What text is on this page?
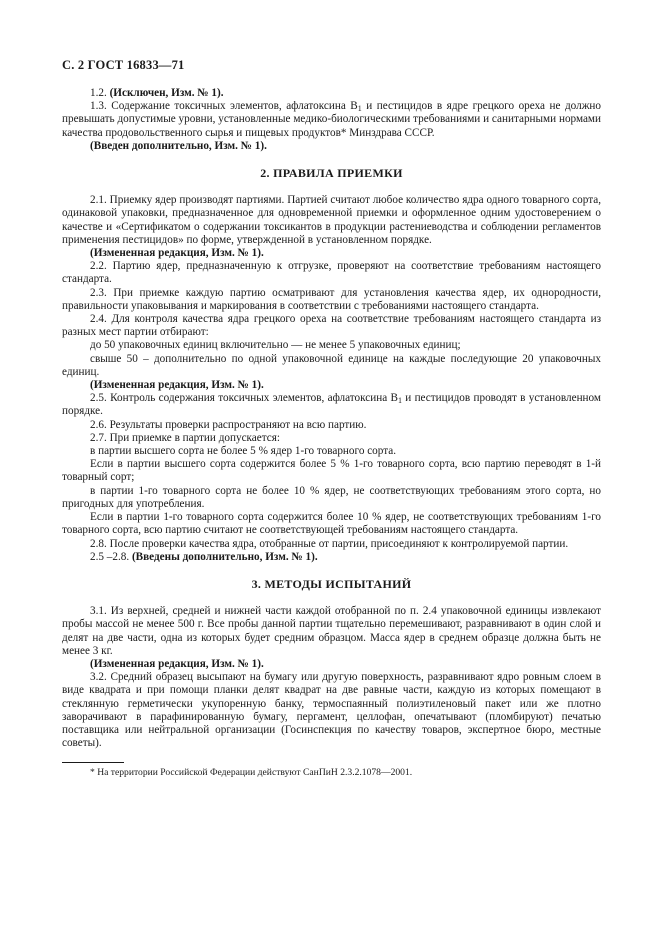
С. 2 ГОСТ 16833—71

1.2. (Исключен, Изм. № 1).

1.3. Содержание токсичных элементов, афлатоксина $B_1$ и пестицидов в ядре грецкого ореха не должно превышать допустимые уровни, установленные медико-биологическими требованиями и санитарными нормами качества продовольственного сырья и пищевых продуктов* Минздрава СССР.

(Введен дополнительно, Изм. № 1).

2. ПРАВИЛА ПРИЕМКИ

2.1. Приемку ядер производят партиями. Партией считают любое количество ядра одного товарного сорта, одинаковой упаковки, предназначенное для одновременной приемки и оформленное одним удостоверением о качестве и «Сертификатом о содержании токсикантов в продукции растениеводства и соблюдении регламентов применения пестицидов» по форме, утвержденной в установленном порядке.

(Измененная редакция, Изм. № 1).

2.2. Партию ядер, предназначенную к отгрузке, проверяют на соответствие требованиям настоящего стандарта.

2.3. При приемке каждую партию осматривают для установления качества ядер, их однородности, правильности упаковывания и маркирования в соответствии с требованиями настоящего стандарта.

2.4. Для контроля качества ядра грецкого ореха на соответствие требованиям настоящего стандарта из разных мест партии отбирают:

до 50 упаковочных единиц включительно — не менее 5 упаковочных единиц;

свыше 50 – дополнительно по одной упаковочной единице на каждые последующие 20 упаковочных единиц.

(Измененная редакция, Изм. № 1).

2.5. Контроль содержания токсичных элементов, афлатоксина $B_1$ и пестицидов проводят в установленном порядке.

2.6. Результаты проверки распространяют на всю партию.

2.7. При приемке в партии допускается:

в партии высшего сорта не более 5 % ядер 1-го товарного сорта.

Если в партии высшего сорта содержится более 5 % 1-го товарного сорта, всю партию переводят в 1-й товарный сорт;

в партии 1-го товарного сорта не более 10 % ядер, не соответствующих требованиям этого сорта, но пригодных для употребления.

Если в партии 1-го товарного сорта содержится более 10 % ядер, не соответствующих требованиям 1-го товарного сорта, всю партию считают не соответствующей требованиям настоящего стандарта.

2.8. После проверки качества ядра, отобранные от партии, присоединяют к контролируемой партии.

2.5 –2.8. (Введены дополнительно, Изм. № 1).

3. МЕТОДЫ ИСПЫТАНИЙ

3.1. Из верхней, средней и нижней части каждой отобранной по п. 2.4 упаковочной единицы извлекают пробы массой не менее 500 г. Все пробы данной партии тщательно перемешивают, разравнивают в один слой и делят на две части, одна из которых будет средним образцом. Масса ядер в среднем образце должна быть не менее 3 кг.

(Измененная редакция, Изм. № 1).

3.2. Средний образец высыпают на бумагу или другую поверхность, разравнивают ядро ровным слоем в виде квадрата и при помощи планки делят квадрат на две равные части, каждую из которых помещают в стеклянную герметически укупоренную банку, термоспаянный полиэтиленовый пакет или же плотно заворачивают в парафинированную бумагу, пергамент, целлофан, опечатывают (пломбируют) печатью поставщика или нейтральной организации (Госинспекция по качеству товаров, экспертное бюро, местные советы).

* На территории Российской Федерации действуют СанПиН 2.3.2.1078—2001.
